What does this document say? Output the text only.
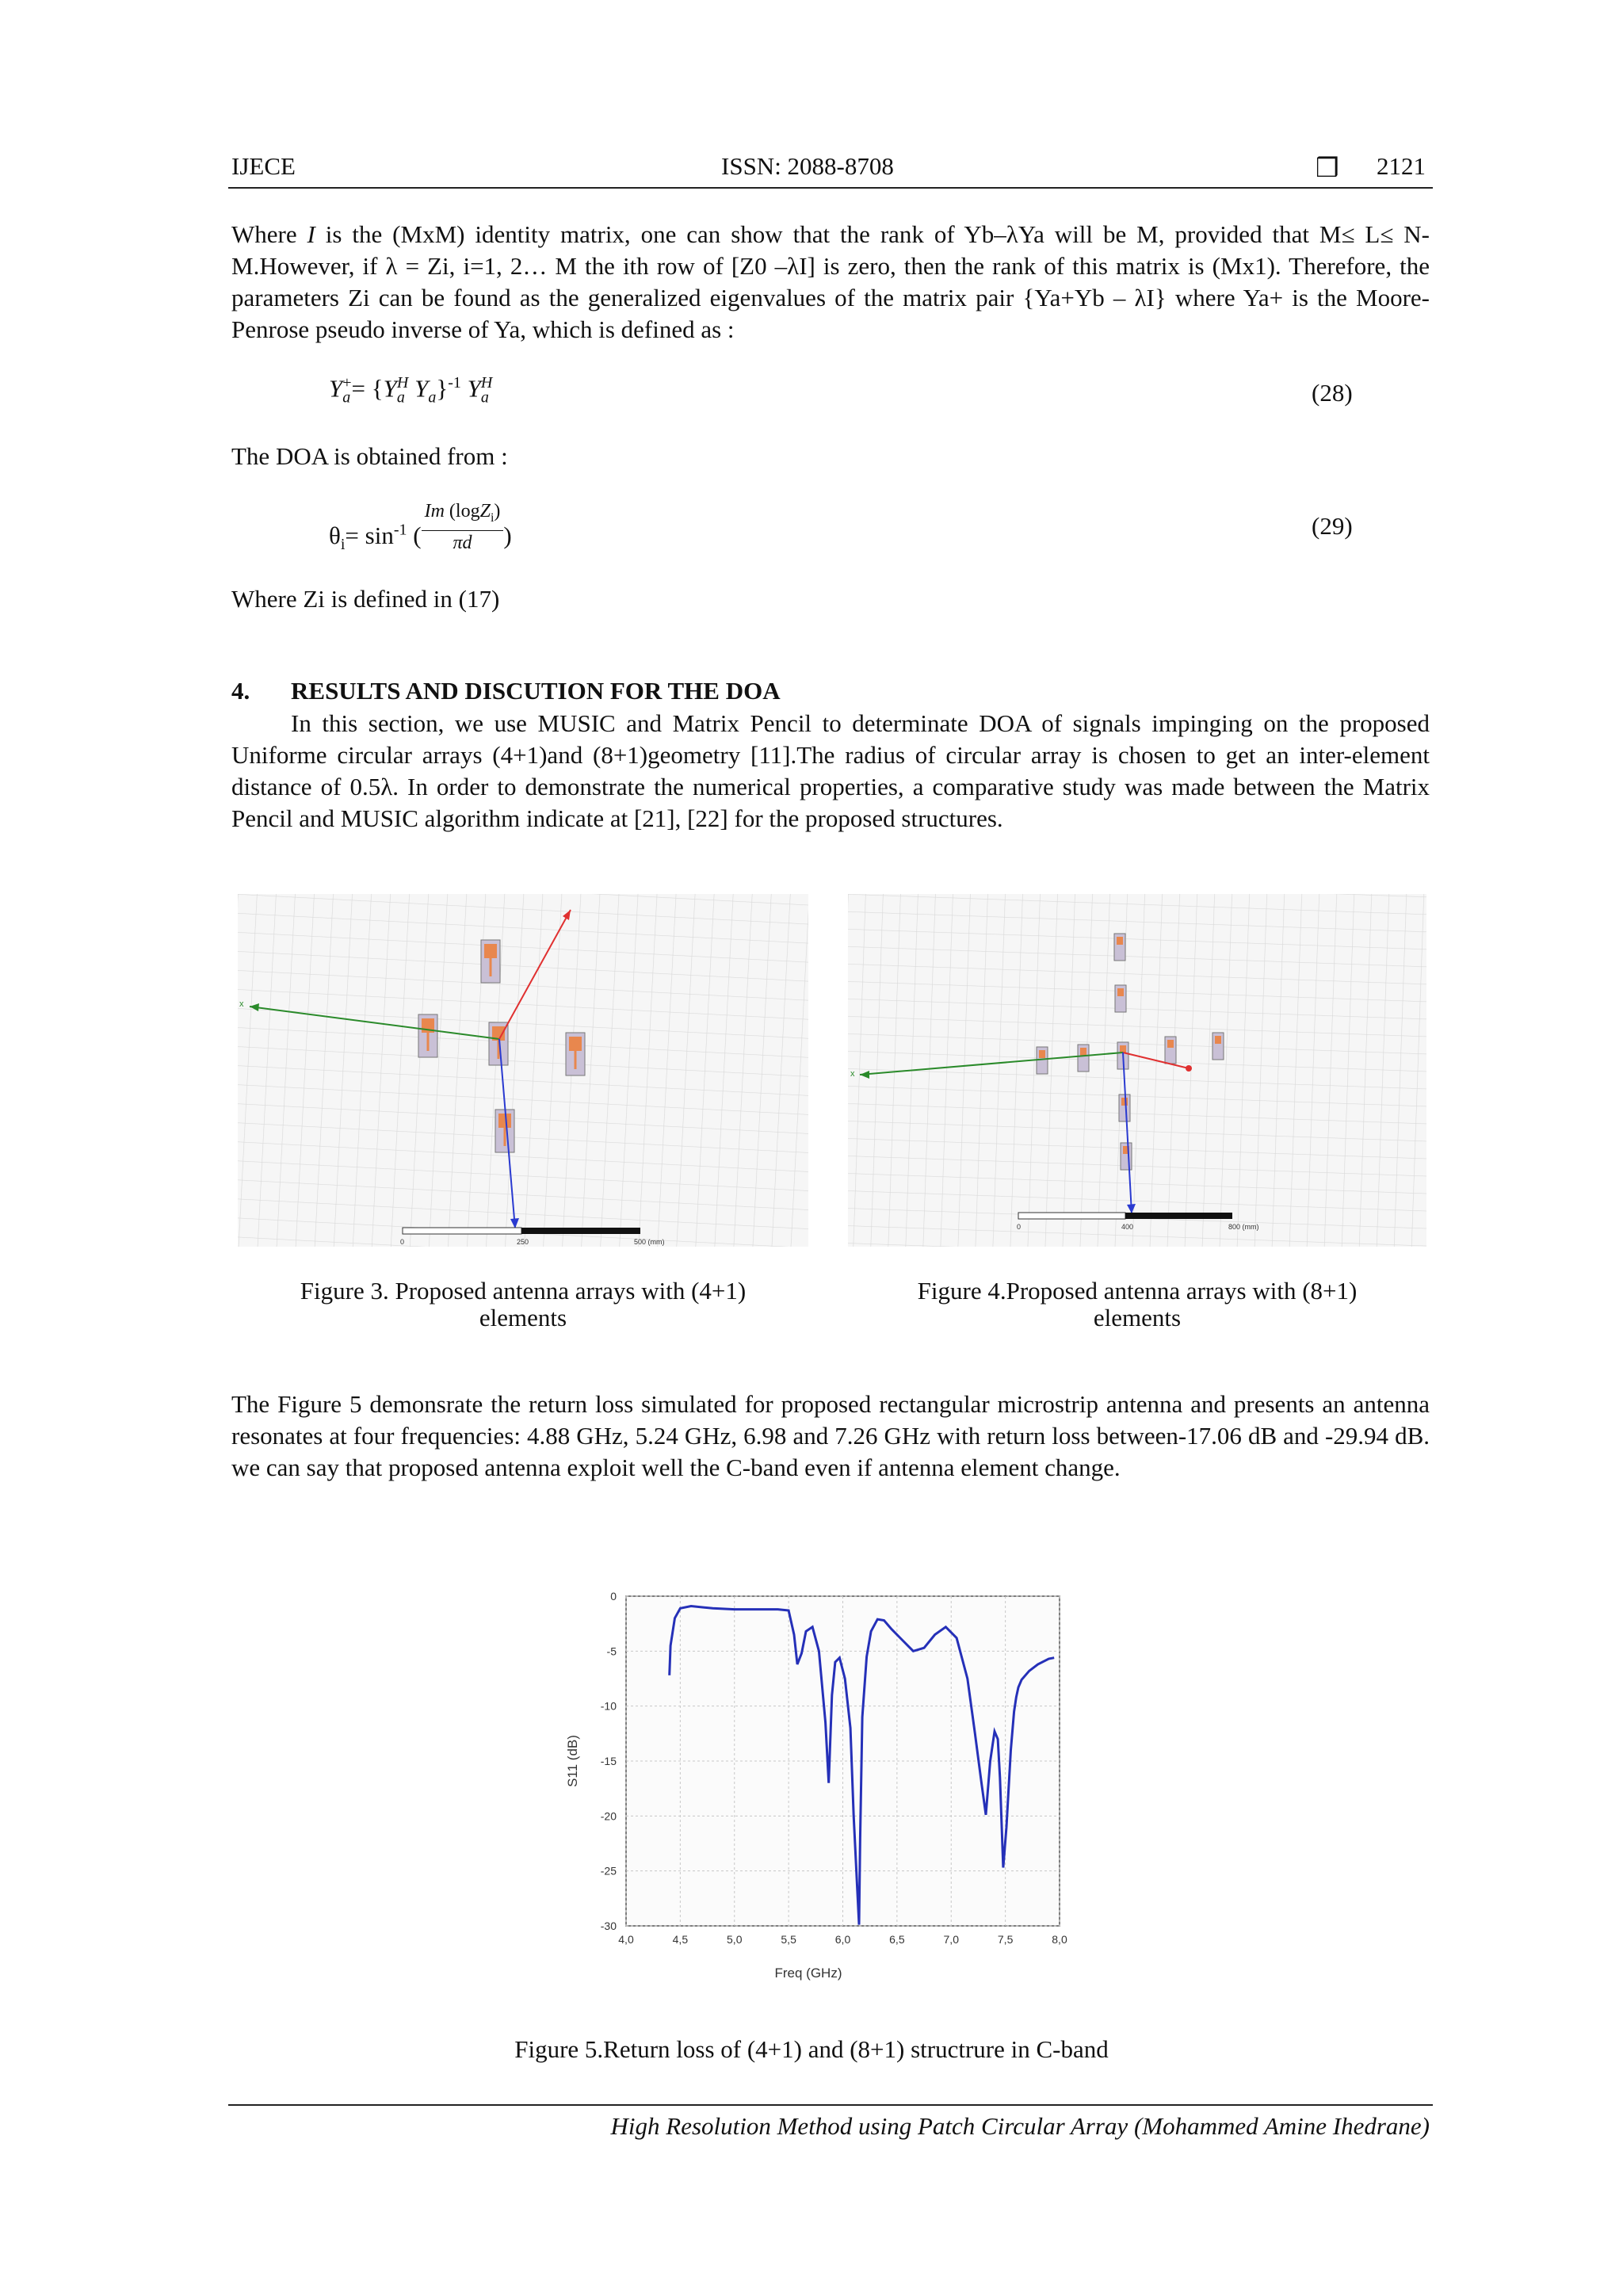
IJECE	ISSN: 2088-8708	❒ 2121

Where I is the (MxM) identity matrix, one can show that the rank of Yb–λYa will be M, provided that M≤ L≤ N-M.However, if λ = Zi, i=1, 2… M the ith row of [Z0 –λI] is zero, then the rank of this matrix is (Mx1). Therefore, the parameters Zi can be found as the generalized eigenvalues of the matrix pair {Ya+Yb – λI} where Ya+ is the Moore-Penrose pseudo inverse of Ya, which is defined as :

$Y_a^+= \{Y_a^H$ $Y_a\}^{-1}$ $Y_a^H$	(28)
The DOA is obtained from :
$\theta_i= \sin^{-1}$ ( $\frac{Im (\log Z_i)}{\pi d}$ )	(29)
Where Zi is defined in (17)
4. RESULTS AND DISCUTION FOR THE DOA
In this section, we use MUSIC and Matrix Pencil to determinate DOA of signals impinging on the proposed Uniforme circular arrays (4+1)and (8+1)geometry [11].The radius of circular array is chosen to get an inter-element distance of 0.5λ. In order to demonstrate the numerical properties, a comparative study was made between the Matrix Pencil and MUSIC algorithm indicate at [21], [22] for the proposed structures.
x
0	250	500 (mm)
Figure 3. Proposed antenna arrays with (4+1)
elements
x
0	400	800 (mm)
Figure 4.Proposed antenna arrays with (8+1)
elements
The Figure 5 demonsrate the return loss simulated for proposed rectangular microstrip antenna and presents an antenna resonates at four frequencies: 4.88 GHz, 5.24 GHz, 6.98 and 7.26 GHz with return loss between-17.06 dB and -29.94 dB. we can say that proposed antenna exploit well the C-band even if antenna element change.
4,0	4,5	5,0	5,5	6,0	6,5	7,0	7,5	8,0
0
-5
-10
-15
-20
-25
-30
Freq (GHz)
S11 (dB)
Figure 5.Return loss of (4+1) and (8+1) structrure in C-band
High Resolution Method using Patch Circular Array (Mohammed Amine Ihedrane)
